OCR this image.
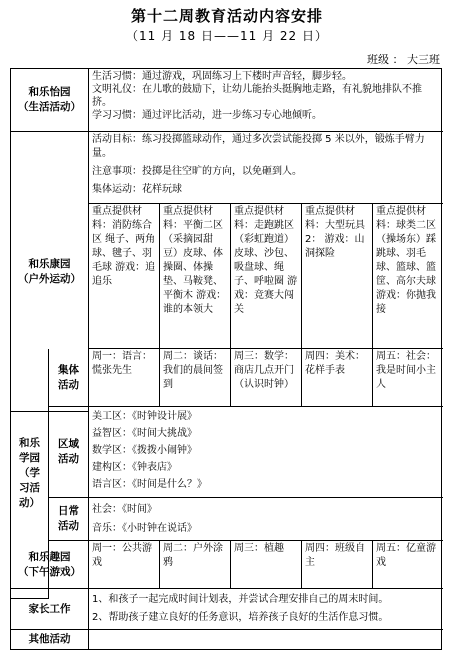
第十二周教育活动内容安排
（11 月 18 日——11 月 22 日）
班级 ： 大三班
和乐怡园
（生活活动）
生活习惯：通过游戏，巩固练习上下楼时声音轻，脚步轻。
文明礼仪：在儿歌的鼓励下，让幼儿能抬头挺胸地走路，有礼貌地排队不推挤。
学习习惯：通过评比活动，进一步练习专心地倾听。
和乐康园
（户外运动）
活动目标：练习投掷篮球动作，通过多次尝试能投掷 5 米以外，锻炼手臂力量。
注意事项：投掷是往空旷的方向，以免砸到人。
集体运动：花样玩球
重点提供材料：消防练合区 绳子、两角球、毽子、羽毛球 游戏：追追乐
重点提供材料：平衡二区（采摘园甜豆）皮球、体操圈、体操垫、马鞍凳、平衡木 游戏：谁的本领大
重点提供材料：走跑跳区（彩虹跑道）皮球、沙包、吸盘球、绳子、呼啦圈 游戏：竞赛大闯关
重点提供材料：大型玩具2： 游戏：山洞探险
重点提供材料：球类二区（操场东）踩跳球、羽毛球、篮球、篮筐、高尔夫球 游戏：你抛我接
和乐
学园
（学
习活
动）
集体
活动
周一：语言：慌张先生
周二：谈话：我们的晨间签到
周三：数学：商店几点开门（认识时钟）
周四：美术：花样手表
周五：社会：我是时间小主人
区域
活动
美工区：《时钟设计展》
益智区：《时间大挑战》
数学区：《拨拨小闹钟》
建构区：《钟表店》
语言区：《时间是什么？》
日常
活动
社会：《时间》
音乐：《小时钟在说话》
和乐趣园
（下午游戏）
周一：公共游戏
周二：户外涂鸦
周三：植趣	周四：班级自主
周五：亿童游戏
家长工作
1、和孩子一起完成时间计划表，并尝试合理安排自己的周末时间。
2、帮助孩子建立良好的任务意识，培养孩子良好的生活作息习惯。
其他活动
